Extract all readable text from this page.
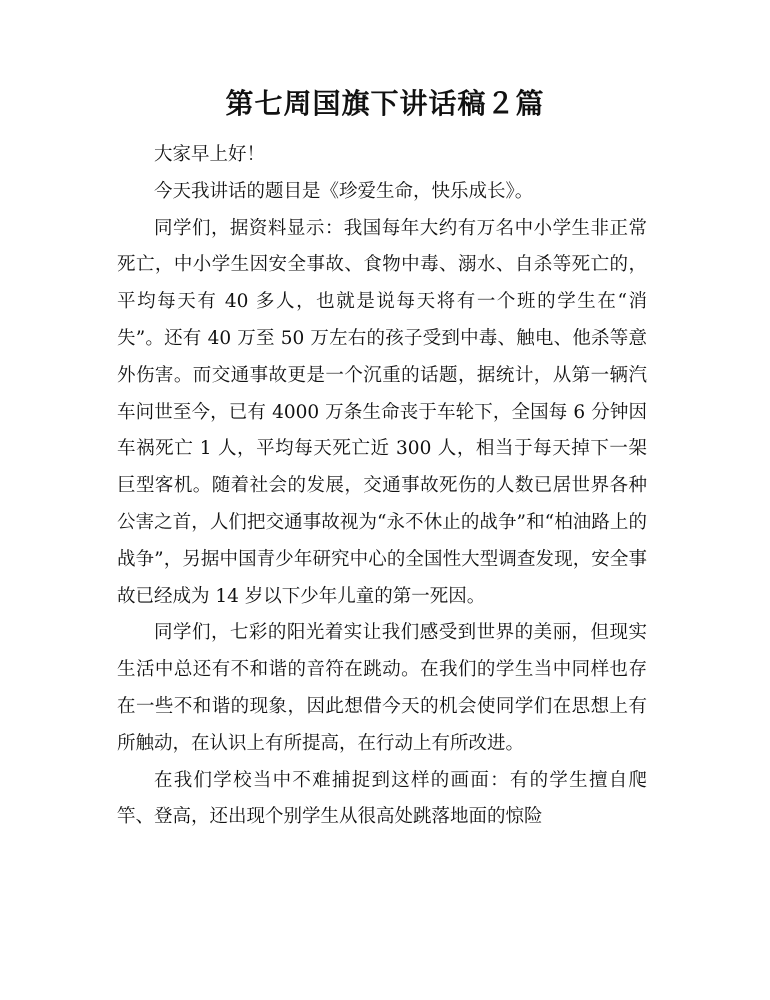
第七周国旗下讲话稿２篇

大家早上好！

今天我讲话的题目是《珍爱生命，快乐成长》。

同学们，据资料显示：我国每年大约有万名中小学生非正常死亡，中小学生因安全事故、食物中毒、溺水、自杀等死亡的，平均每天有 40 多人，也就是说每天将有一个班的学生在“消失”。还有 40 万至 50 万左右的孩子受到中毒、触电、他杀等意外伤害。而交通事故更是一个沉重的话题，据统计，从第一辆汽车问世至今，已有 4000 万条生命丧于车轮下，全国每 6 分钟因车祸死亡 1 人，平均每天死亡近 300 人，相当于每天掉下一架巨型客机。随着社会的发展，交通事故死伤的人数已居世界各种公害之首，人们把交通事故视为“永不休止的战争”和“柏油路上的战争”，另据中国青少年研究中心的全国性大型调查发现，安全事故已经成为 14 岁以下少年儿童的第一死因。

同学们，七彩的阳光着实让我们感受到世界的美丽，但现实生活中总还有不和谐的音符在跳动。在我们的学生当中同样也存在一些不和谐的现象，因此想借今天的机会使同学们在思想上有所触动，在认识上有所提高，在行动上有所改进。

在我们学校当中不难捕捉到这样的画面：有的学生擅自爬竿、登高，还出现个别学生从很高处跳落地面的惊险
